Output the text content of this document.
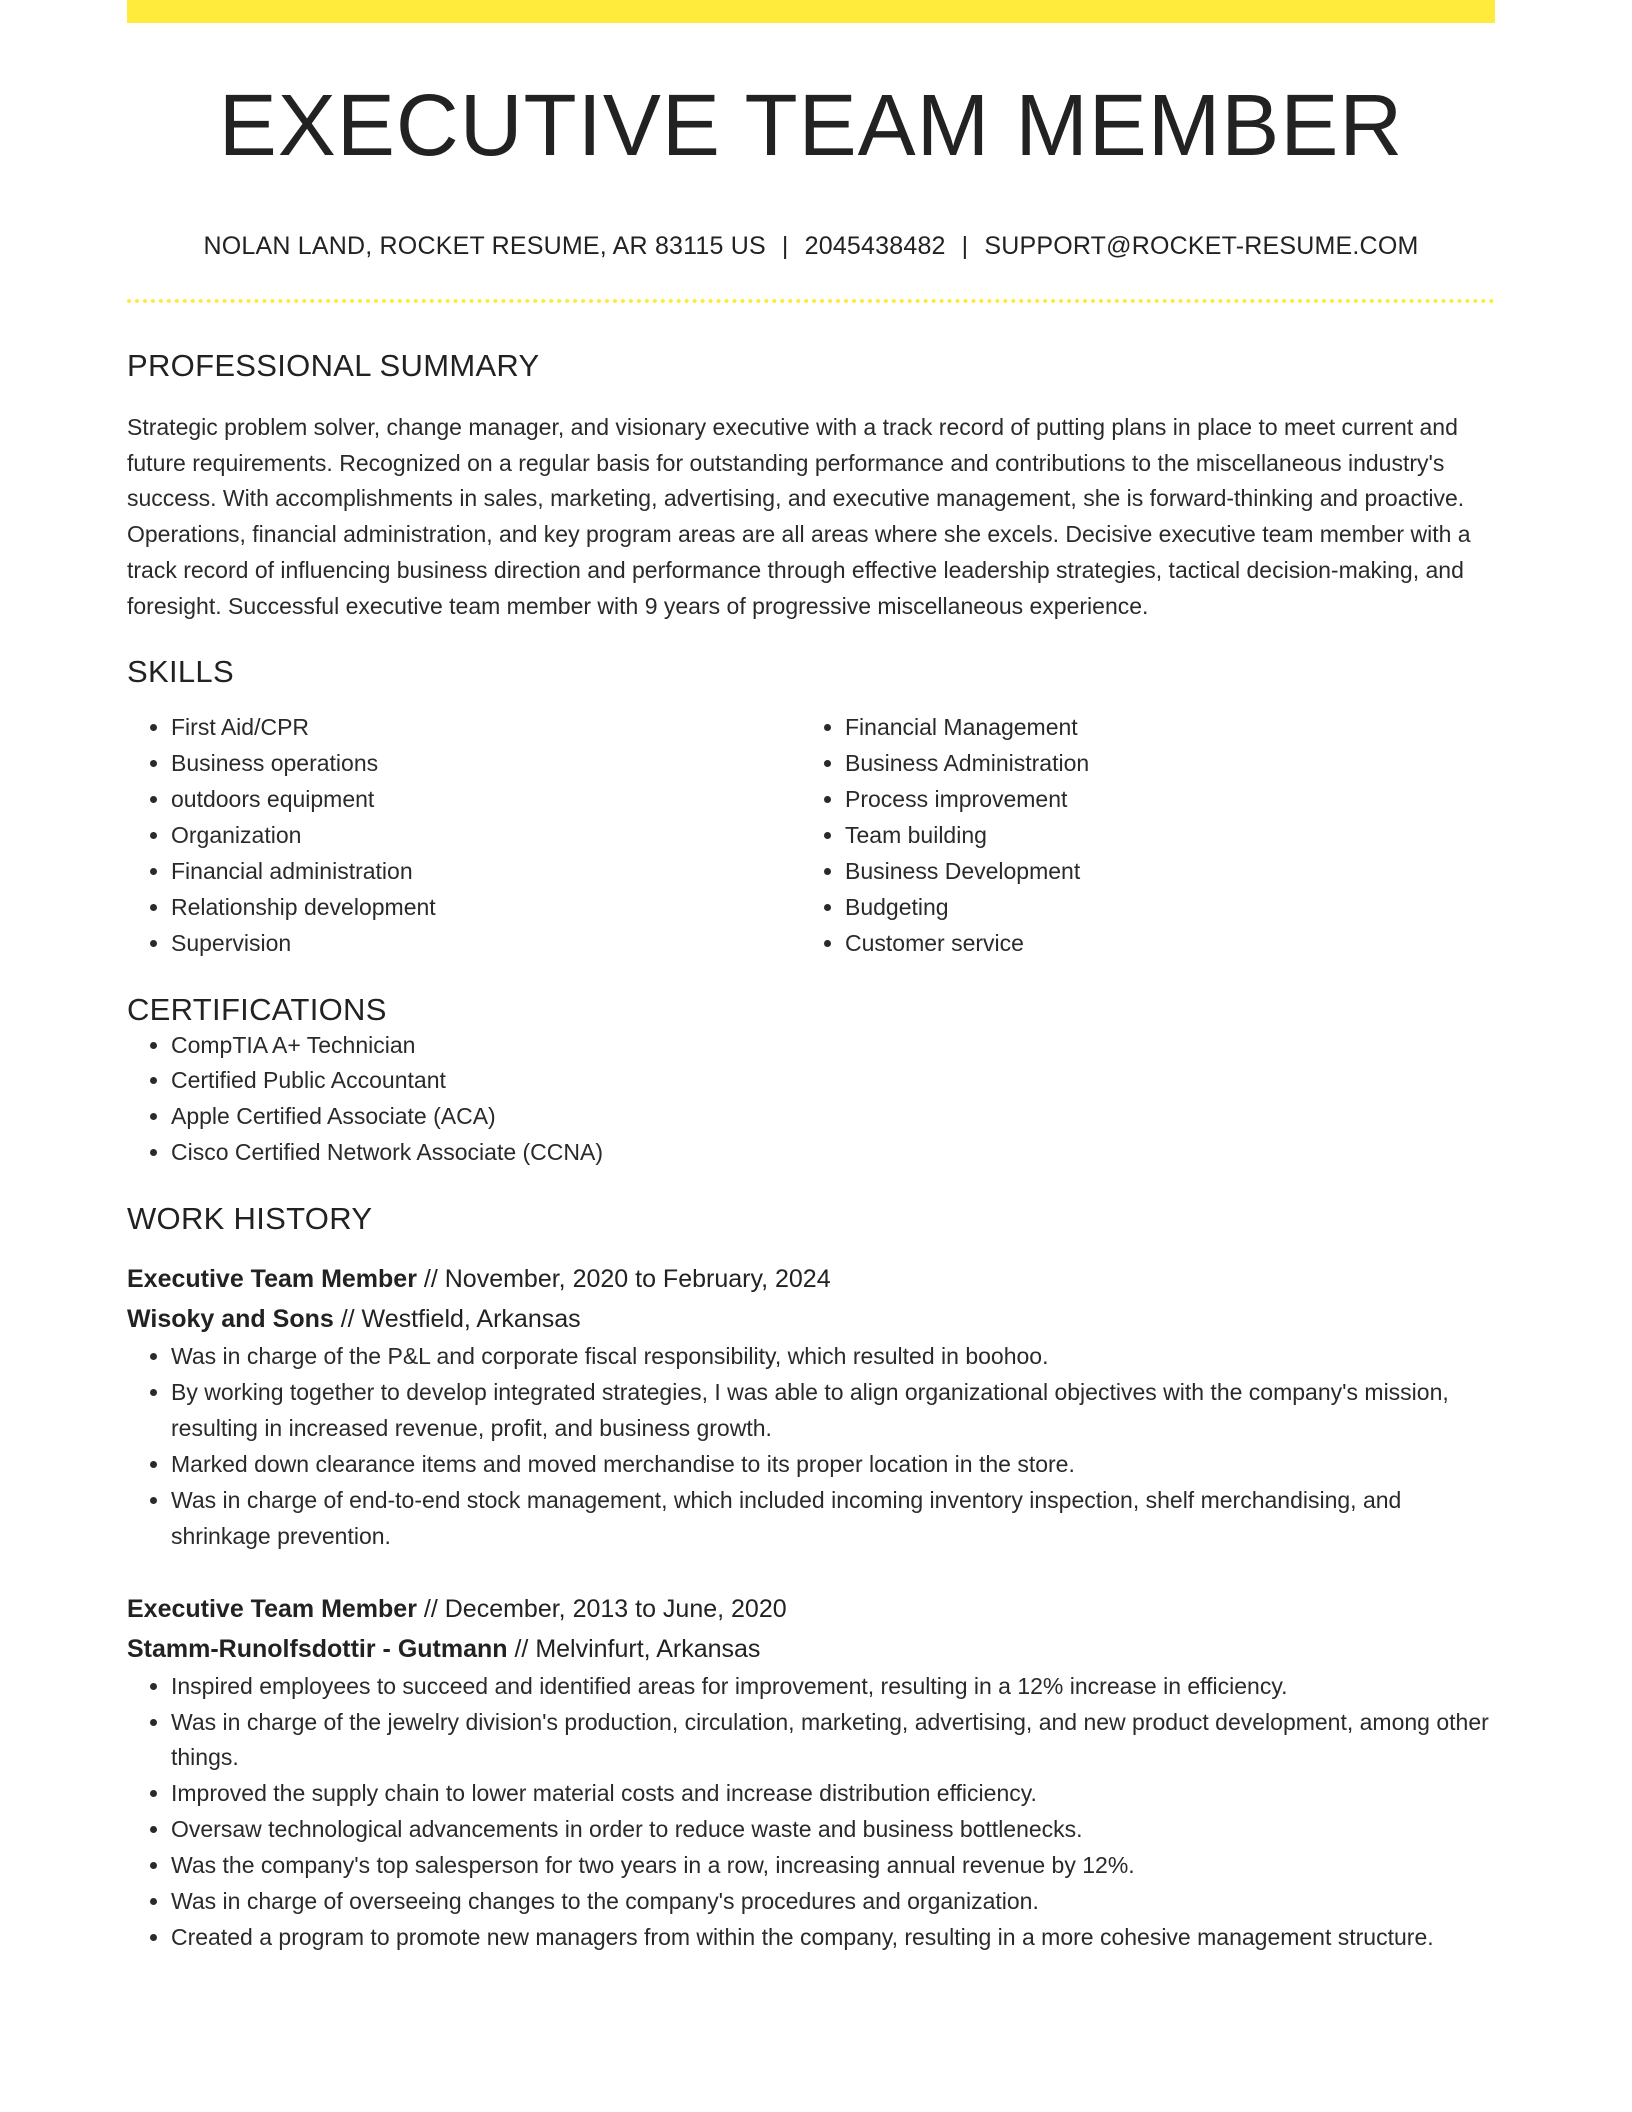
EXECUTIVE TEAM MEMBER
NOLAN LAND, ROCKET RESUME, AR 83115 US | 2045438482 | SUPPORT@ROCKET-RESUME.COM
PROFESSIONAL SUMMARY

Strategic problem solver, change manager, and visionary executive with a track record of putting plans in place to meet current and future requirements. Recognized on a regular basis for outstanding performance and contributions to the miscellaneous industry's success. With accomplishments in sales, marketing, advertising, and executive management, she is forward-thinking and proactive. Operations, financial administration, and key program areas are all areas where she excels. Decisive executive team member with a track record of influencing business direction and performance through effective leadership strategies, tactical decision-making, and foresight. Successful executive team member with 9 years of progressive miscellaneous experience.

SKILLS
• First Aid/CPR
• Business operations
• outdoors equipment
• Organization
• Financial administration
• Relationship development
• Supervision
• Financial Management
• Business Administration
• Process improvement
• Team building
• Business Development
• Budgeting
• Customer service
CERTIFICATIONS
• CompTIA A+ Technician
• Certified Public Accountant
• Apple Certified Associate (ACA)
• Cisco Certified Network Associate (CCNA)
WORK HISTORY
Executive Team Member // November, 2020 to February, 2024
Wisoky and Sons // Westfield, Arkansas
• Was in charge of the P&L and corporate fiscal responsibility, which resulted in boohoo.
• By working together to develop integrated strategies, I was able to align organizational objectives with the company's mission, resulting in increased revenue, profit, and business growth.
• Marked down clearance items and moved merchandise to its proper location in the store.
• Was in charge of end-to-end stock management, which included incoming inventory inspection, shelf merchandising, and shrinkage prevention.
Executive Team Member // December, 2013 to June, 2020
Stamm-Runolfsdottir - Gutmann // Melvinfurt, Arkansas
• Inspired employees to succeed and identified areas for improvement, resulting in a 12% increase in efficiency.
• Was in charge of the jewelry division's production, circulation, marketing, advertising, and new product development, among other things.
• Improved the supply chain to lower material costs and increase distribution efficiency.
• Oversaw technological advancements in order to reduce waste and business bottlenecks.
• Was the company's top salesperson for two years in a row, increasing annual revenue by 12%.
• Was in charge of overseeing changes to the company's procedures and organization.
• Created a program to promote new managers from within the company, resulting in a more cohesive management structure.
